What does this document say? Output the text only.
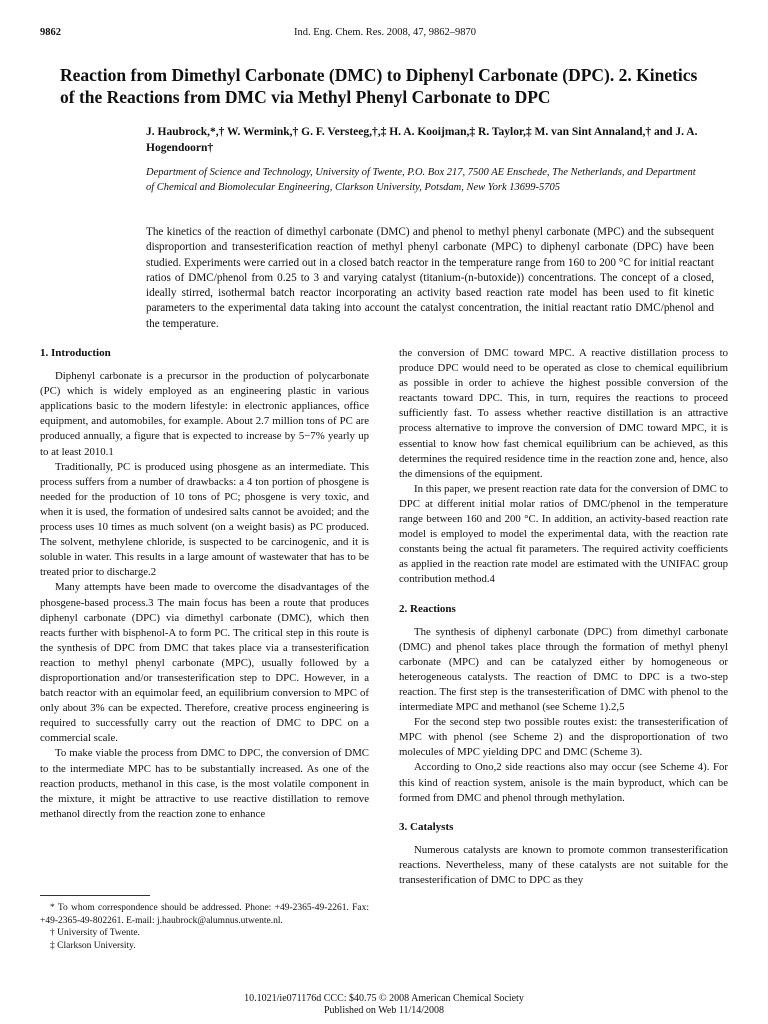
9862	Ind. Eng. Chem. Res. 2008, 47, 9862–9870
Reaction from Dimethyl Carbonate (DMC) to Diphenyl Carbonate (DPC). 2. Kinetics of the Reactions from DMC via Methyl Phenyl Carbonate to DPC
J. Haubrock,*,† W. Wermink,† G. F. Versteeg,†,‡ H. A. Kooijman,‡ R. Taylor,‡ M. van Sint Annaland,† and J. A. Hogendoorn†
Department of Science and Technology, University of Twente, P.O. Box 217, 7500 AE Enschede, The Netherlands, and Department of Chemical and Biomolecular Engineering, Clarkson University, Potsdam, New York 13699-5705

The kinetics of the reaction of dimethyl carbonate (DMC) and phenol to methyl phenyl carbonate (MPC) and the subsequent disproportion and transesterification reaction of methyl phenyl carbonate (MPC) to diphenyl carbonate (DPC) have been studied. Experiments were carried out in a closed batch reactor in the temperature range from 160 to 200 °C for initial reactant ratios of DMC/phenol from 0.25 to 3 and varying catalyst (titanium-(n-butoxide)) concentrations. The concept of a closed, ideally stirred, isothermal batch reactor incorporating an activity based reaction rate model has been used to fit kinetic parameters to the experimental data taking into account the catalyst concentration, the initial reactant ratio DMC/phenol and the temperature.

1. Introduction

Diphenyl carbonate is a precursor in the production of polycarbonate (PC) which is widely employed as an engineering plastic in various applications basic to the modern lifestyle: in electronic appliances, office equipment, and automobiles, for example. About 2.7 million tons of PC are produced annually, a figure that is expected to increase by 5−7% yearly up to at least 2010.1

Traditionally, PC is produced using phosgene as an intermediate. This process suffers from a number of drawbacks: a 4 ton portion of phosgene is needed for the production of 10 tons of PC; phosgene is very toxic, and when it is used, the formation of undesired salts cannot be avoided; and the process uses 10 times as much solvent (on a weight basis) as PC produced. The solvent, methylene chloride, is suspected to be carcinogenic, and it is soluble in water. This results in a large amount of wastewater that has to be treated prior to discharge.2

Many attempts have been made to overcome the disadvantages of the phosgene-based process.3 The main focus has been a route that produces diphenyl carbonate (DPC) via dimethyl carbonate (DMC), which then reacts further with bisphenol-A to form PC. The critical step in this route is the synthesis of DPC from DMC that takes place via a transesterification reaction to methyl phenyl carbonate (MPC), usually followed by a disproportionation and/or transesterification step to DPC. However, in a batch reactor with an equimolar feed, an equilibrium conversion to MPC of only about 3% can be expected. Therefore, creative process engineering is required to successfully carry out the reaction of DMC to DPC on a commercial scale.

To make viable the process from DMC to DPC, the conversion of DMC to the intermediate MPC has to be substantially increased. As one of the reaction products, methanol in this case, is the most volatile component in the mixture, it might be attractive to use reactive distillation to remove methanol directly from the reaction zone to enhance

the conversion of DMC toward MPC. A reactive distillation process to produce DPC would need to be operated as close to chemical equilibrium as possible in order to achieve the highest possible conversion of the reactants toward DPC. This, in turn, requires the reactions to proceed sufficiently fast. To assess whether reactive distillation is an attractive process alternative to improve the conversion of DMC toward MPC, it is essential to know how fast chemical equilibrium can be achieved, as this determines the required residence time in the reaction zone and, hence, also the dimensions of the equipment.

In this paper, we present reaction rate data for the conversion of DMC to DPC at different initial molar ratios of DMC/phenol in the temperature range between 160 and 200 °C. In addition, an activity-based reaction rate model is employed to model the experimental data, with the reaction rate constants being the actual fit parameters. The required activity coefficients as applied in the reaction rate model are estimated with the UNIFAC group contribution method.4

2. Reactions

The synthesis of diphenyl carbonate (DPC) from dimethyl carbonate (DMC) and phenol takes place through the formation of methyl phenyl carbonate (MPC) and can be catalyzed either by homogeneous or heterogeneous catalysts. The reaction of DMC to DPC is a two-step reaction. The first step is the transesterification of DMC with phenol to the intermediate MPC and methanol (see Scheme 1).2,5

For the second step two possible routes exist: the transesterification of MPC with phenol (see Scheme 2) and the disproportionation of two molecules of MPC yielding DPC and DMC (Scheme 3).

According to Ono,2 side reactions also may occur (see Scheme 4). For this kind of reaction system, anisole is the main byproduct, which can be formed from DMC and phenol through methylation.

3. Catalysts

Numerous catalysts are known to promote common transesterification reactions. Nevertheless, many of these catalysts are not suitable for the transesterification of DMC to DPC as they

* To whom correspondence should be addressed. Phone: +49-2365-49-2261. Fax: +49-2365-49-802261. E-mail: j.haubrock@alumnus.utwente.nl.

† University of Twente.

‡ Clarkson University.

10.1021/ie071176d CCC: $40.75 © 2008 American Chemical Society
Published on Web 11/14/2008
